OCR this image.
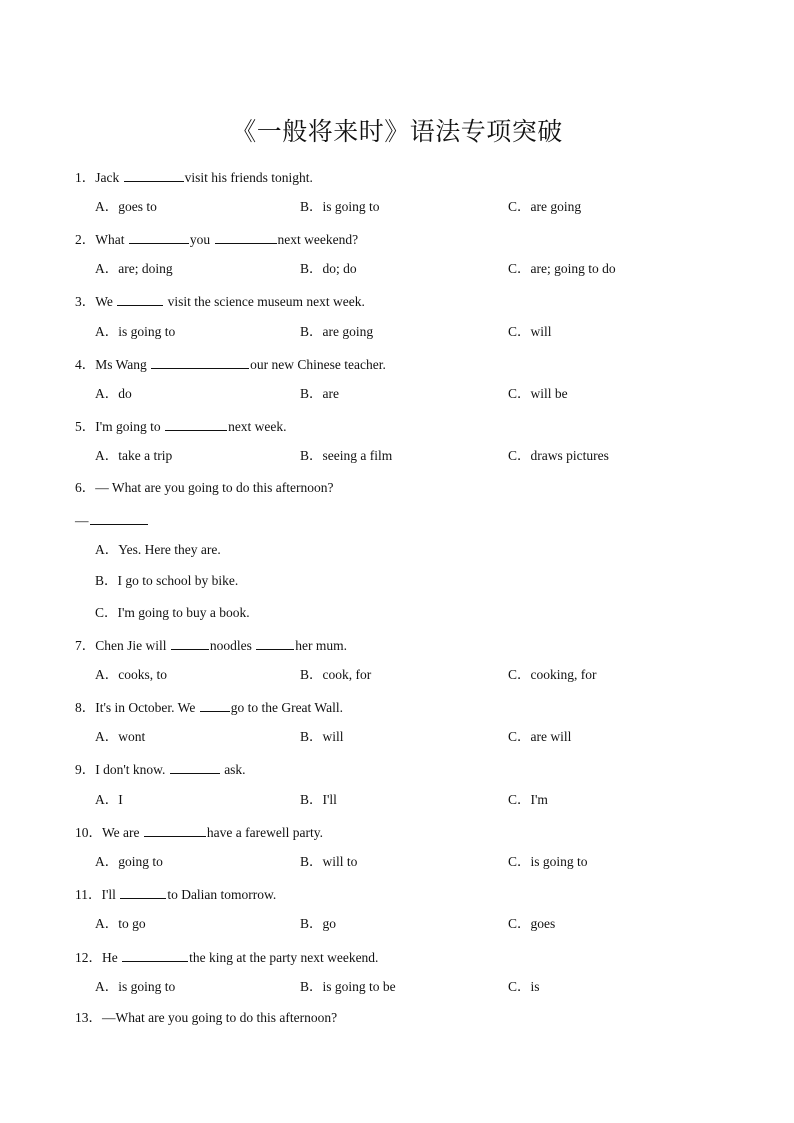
《一般将来时》语法专项突破
1．Jack	visit his friends tonight.
A．goes to	B．is going to	C．are going
2．What	you	next weekend?
A．are; doing	B．do; do	C．are; going to do
3．We	visit the science museum next week.
A．is going to	B．are going	C．will
4．Ms Wang	our new Chinese teacher.
A．do	B．are	C．will be
5．I'm going to	next week.
A．take a trip	B．seeing a film	C．draws pictures
6．— What are you going to do this afternoon?
—
A．Yes. Here they are.
B．I go to school by bike.
C．I'm going to buy a book.
7．Chen Jie will	noodles	her mum.
A．cooks, to	B．cook, for	C．cooking, for
8．It's in October. We go to the Great Wall.
A．wont	B．will	C．are will
9．I don't know.	ask.
A．I	B．I'll	C．I'm
10．We are	have a farewell party.
A．going to	B．will to	C．is going to
11．I'll	to Dalian tomorrow.
A．to go	B．go	C．goes
12．He	the king at the party next weekend.
A．is going to	B．is going to be	C．is
13．—What are you going to do this afternoon?
